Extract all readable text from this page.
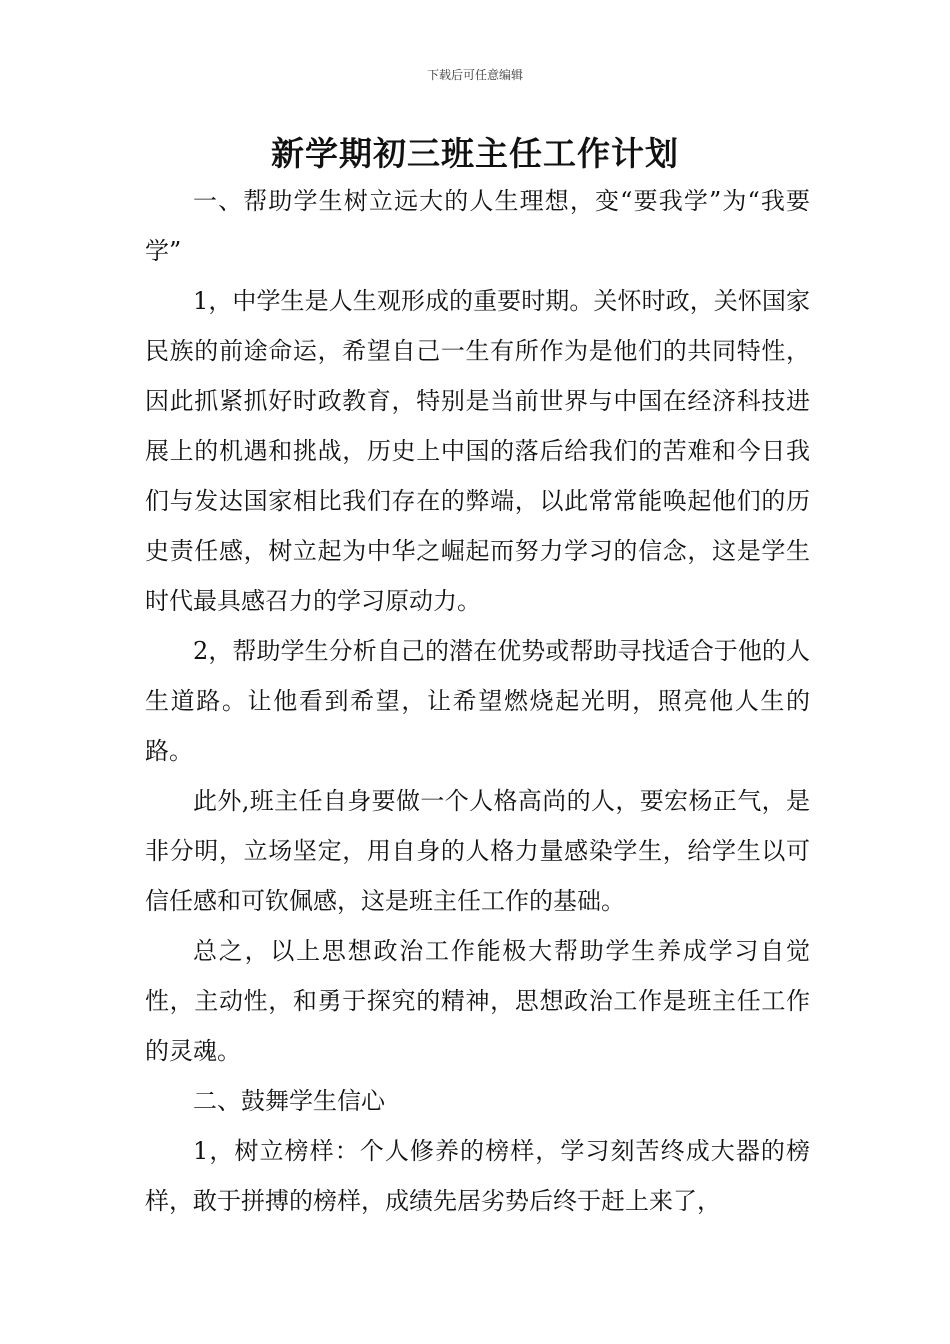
下载后可任意编辑
新学期初三班主任工作计划

一、帮助学生树立远大的人生理想，变“要我学”为“我要学”

1，中学生是人生观形成的重要时期。关怀时政，关怀国家民族的前途命运，希望自己一生有所作为是他们的共同特性，因此抓紧抓好时政教育，特别是当前世界与中国在经济科技进展上的机遇和挑战，历史上中国的落后给我们的苦难和今日我们与发达国家相比我们存在的弊端，以此常常能唤起他们的历史责任感，树立起为中华之崛起而努力学习的信念，这是学生时代最具感召力的学习原动力。

2，帮助学生分析自己的潜在优势或帮助寻找适合于他的人生道路。让他看到希望，让希望燃烧起光明，照亮他人生的路。

此外,班主任自身要做一个人格高尚的人，要宏杨正气，是非分明，立场坚定，用自身的人格力量感染学生，给学生以可信任感和可钦佩感，这是班主任工作的基础。

总之，以上思想政治工作能极大帮助学生养成学习自觉性，主动性，和勇于探究的精神，思想政治工作是班主任工作的灵魂。

二、鼓舞学生信心

1，树立榜样：个人修养的榜样，学习刻苦终成大器的榜样，敢于拼搏的榜样，成绩先居劣势后终于赶上来了，
